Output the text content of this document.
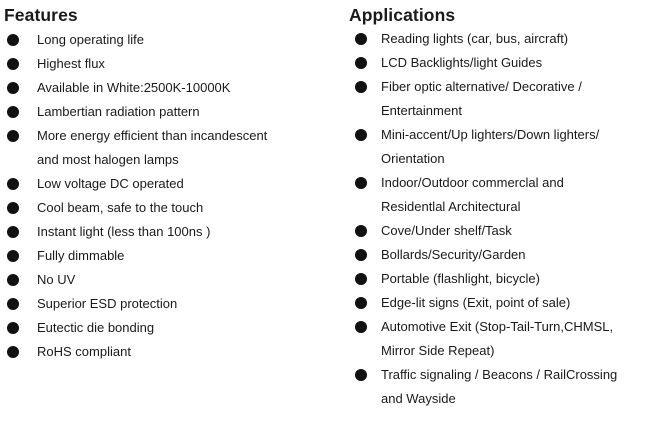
Features
Long operating life
Highest flux
Available in White:2500K-10000K
Lambertian radiation pattern
More energy efficient than incandescent
and most halogen lamps
Low voltage DC operated
Cool beam, safe to the touch
Instant light (less than 100ns )
Fully dimmable
No UV
Superior ESD protection
Eutectic die bonding
RoHS compliant
Applications
Reading lights (car, bus, aircraft)
LCD Backlights/light Guides
Fiber optic alternative/ Decorative /
Entertainment
Mini-accent/Up lighters/Down lighters/
Orientation
Indoor/Outdoor commerclal and
Residentlal Architectural
Cove/Under shelf/Task
Bollards/Security/Garden
Portable (flashlight, bicycle)
Edge-lit signs (Exit, point of sale)
Automotive Exit (Stop-Tail-Turn,CHMSL,
Mirror Side Repeat)
Traffic signaling / Beacons / RailCrossing
and Wayside
